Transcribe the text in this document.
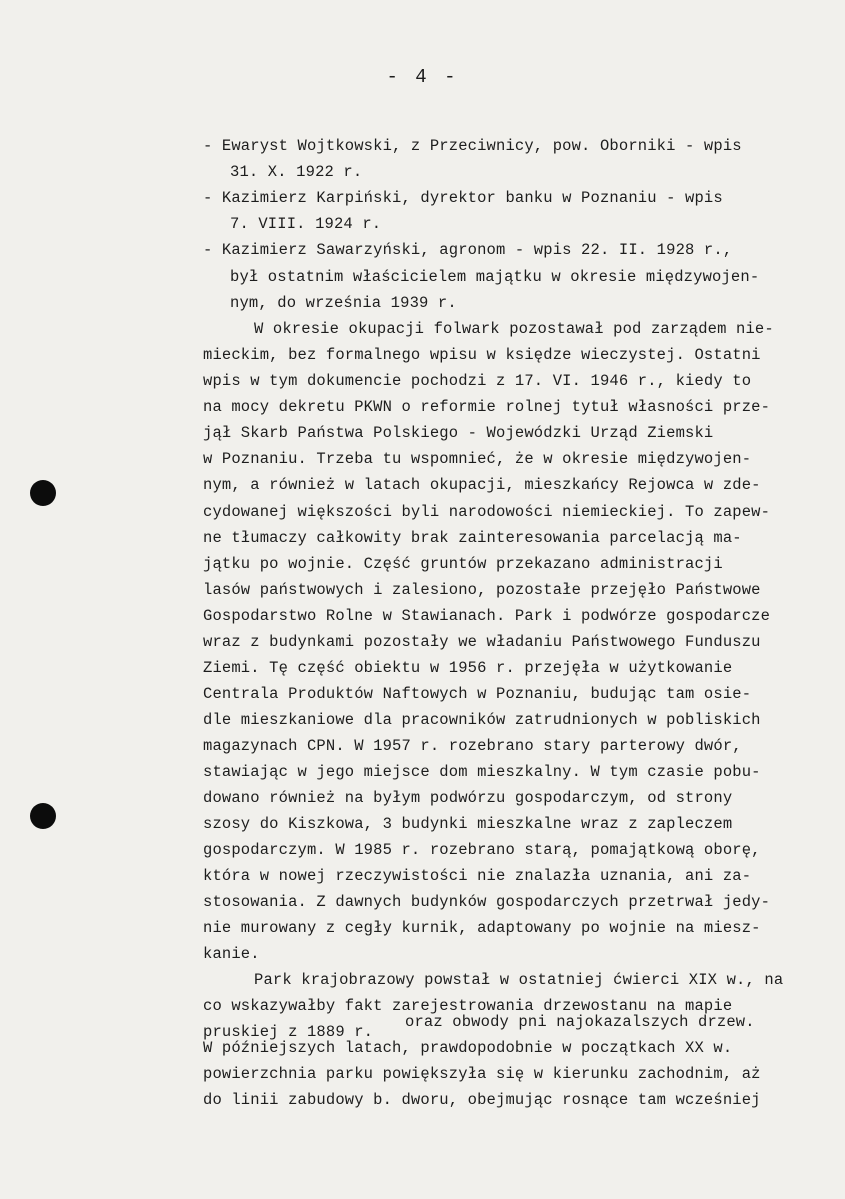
- 4 -
- Ewaryst Wojtkowski, z Przeciwnicy, pow. Oborniki - wpis
31. X. 1922 r.
- Kazimierz Karpiński, dyrektor banku w Poznaniu - wpis
7. VIII. 1924 r.
- Kazimierz Sawarzyński, agronom - wpis 22. II. 1928 r.,
był ostatnim właścicielem majątku w okresie międzywojen-
nym, do września 1939 r.
W okresie okupacji folwark pozostawał pod zarządem nie-
mieckim, bez formalnego wpisu w księdze wieczystej. Ostatni
wpis w tym dokumencie pochodzi z 17. VI. 1946 r., kiedy to
na mocy dekretu PKWN o reformie rolnej tytuł własności prze-
jął Skarb Państwa Polskiego - Wojewódzki Urząd Ziemski
w Poznaniu. Trzeba tu wspomnieć, że w okresie międzywojen-
nym, a również w latach okupacji, mieszkańcy Rejowca w zde-
cydowanej większości byli narodowości niemieckiej. To zapew-
ne tłumaczy całkowity brak zainteresowania parcelacją ma-
jątku po wojnie. Część gruntów przekazano administracji
lasów państwowych i zalesiono, pozostałe przejęło Państwowe
Gospodarstwo Rolne w Stawianach. Park i podwórze gospodarcze
wraz z budynkami pozostały we władaniu Państwowego Funduszu
Ziemi. Tę część obiektu w 1956 r. przejęła w użytkowanie
Centrala Produktów Naftowych w Poznaniu, budując tam osie-
dle mieszkaniowe dla pracowników zatrudnionych w pobliskich
magazynach CPN. W 1957 r. rozebrano stary parterowy dwór,
stawiając w jego miejsce dom mieszkalny. W tym czasie pobu-
dowano również na byłym podwórzu gospodarczym, od strony
szosy do Kiszkowa, 3 budynki mieszkalne wraz z zapleczem
gospodarczym. W 1985 r. rozebrano starą, pomajątkową oborę,
która w nowej rzeczywistości nie znalazła uznania, ani za-
stosowania. Z dawnych budynków gospodarczych przetrwał jedy-
nie murowany z cegły kurnik, adaptowany po wojnie na miesz-
kanie.
Park krajobrazowy powstał w ostatniej ćwierci XIX w., na
co wskazywałby fakt zarejestrowania drzewostanu na mapie
pruskiej z 1889 r.
oraz obwody pni najokazalszych drzew.
W późniejszych latach, prawdopodobnie w początkach XX w.
powierzchnia parku powiększyła się w kierunku zachodnim, aż
do linii zabudowy b. dworu, obejmując rosnące tam wcześniej
